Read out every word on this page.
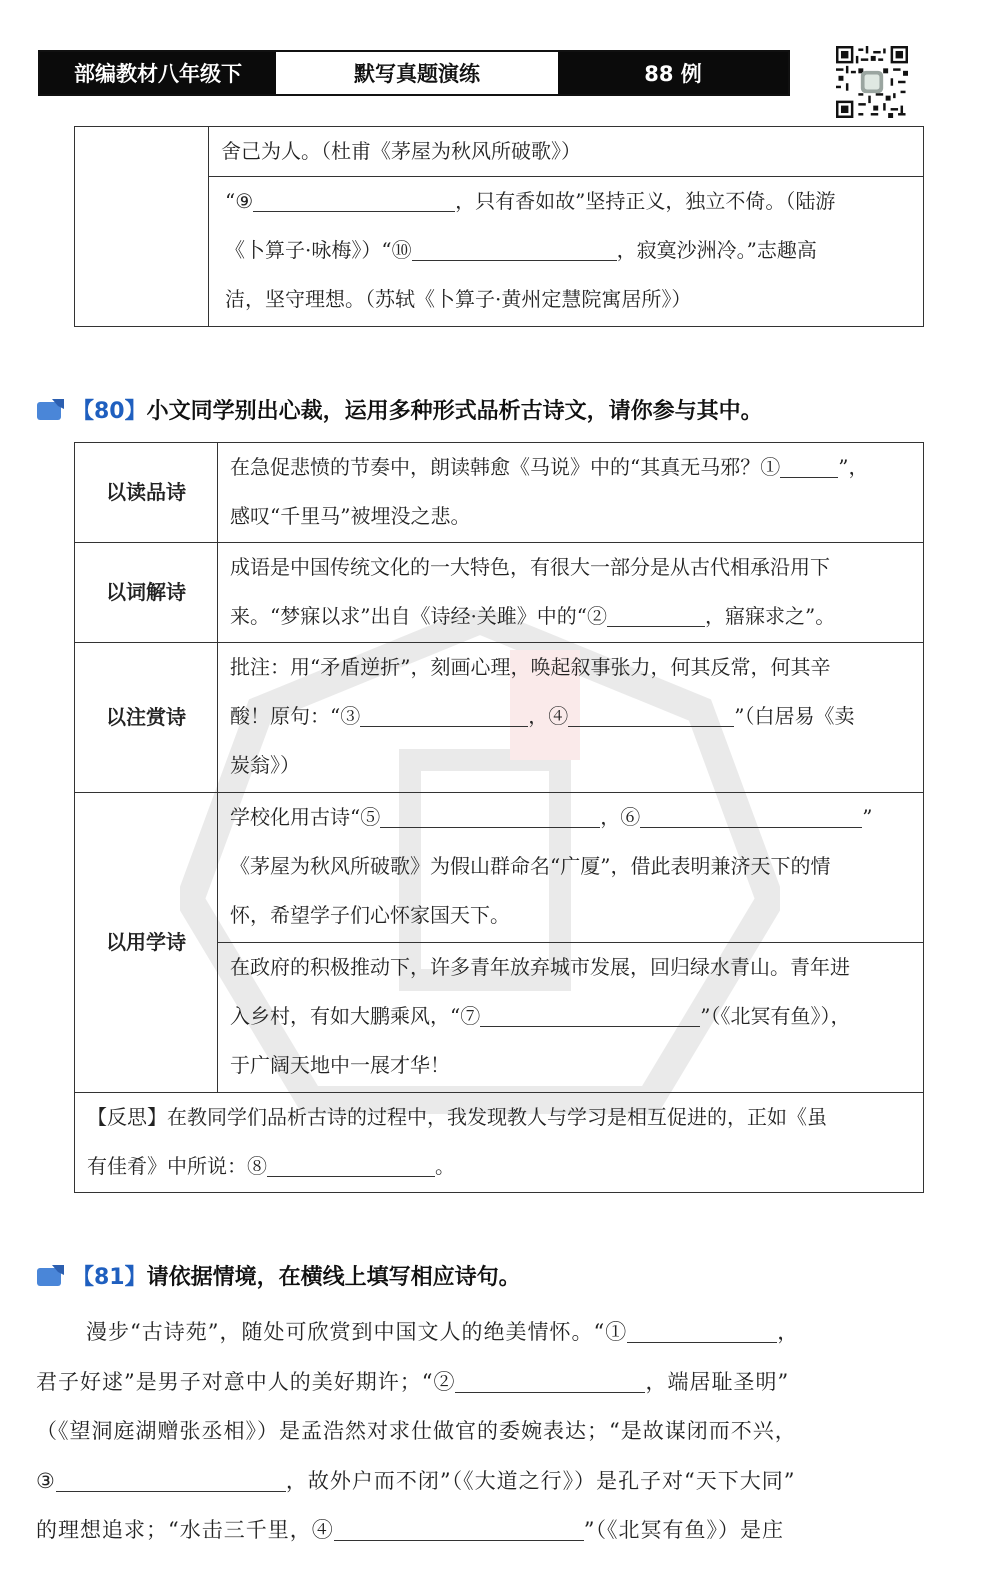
部编教材八年级下	默写真题演练	88 例
	舍己为人。（杜甫《茅屋为秋风所破歌》）
“⑨	，只有香如故”坚持正义，独立不倚。（陆游
《卜算子·咏梅》）“⑩	，寂寞沙洲冷。”志趣高
洁，坚守理想。（苏轼《卜算子·黄州定慧院寓居所》）
【80】 小文同学别出心裁，运用多种形式品析古诗文，请你参与其中。
以读品诗	在急促悲愤的节奏中，朗读韩愈《马说》中的“其真无马邪？① ”，
感叹“千里马”被埋没之悲。
以词解诗	成语是中国传统文化的一大特色，有很大一部分是从古代相承沿用下
来。“梦寐以求”出自《诗经·关雎》中的“② ，寤寐求之”。
以注赏诗	批注：用“矛盾逆折”，刻画心理，唤起叙事张力，何其反常，何其辛
酸！原句：“③ ，④ ”（白居易《卖
炭翁》）
以用学诗	学校化用古诗“⑤ ，⑥ ”
《茅屋为秋风所破歌》为假山群命名“广厦”，借此表明兼济天下的情
怀，希望学子们心怀家国天下。
	在政府的积极推动下，许多青年放弃城市发展，回归绿水青山。青年进
入乡村，有如大鹏乘风，“⑦ ”（《北冥有鱼》），
于广阔天地中一展才华！
【反思】在教同学们品析古诗的过程中，我发现教人与学习是相互促进的，正如《虽
有佳肴》中所说：⑧ 。	
【81】 请依据情境，在横线上填写相应诗句。
漫步“古诗苑”，随处可欣赏到中国文人的绝美情怀。“①	，
君子好逑”是男子对意中人的美好期许；“②	，端居耻圣明”
（《望洞庭湖赠张丞相》）是孟浩然对求仕做官的委婉表达；“是故谋闭而不兴，
③	，故外户而不闭”（《大道之行》）是孔子对“天下大同”
的理想追求；“水击三千里，④	”（《北冥有鱼》）是庄
